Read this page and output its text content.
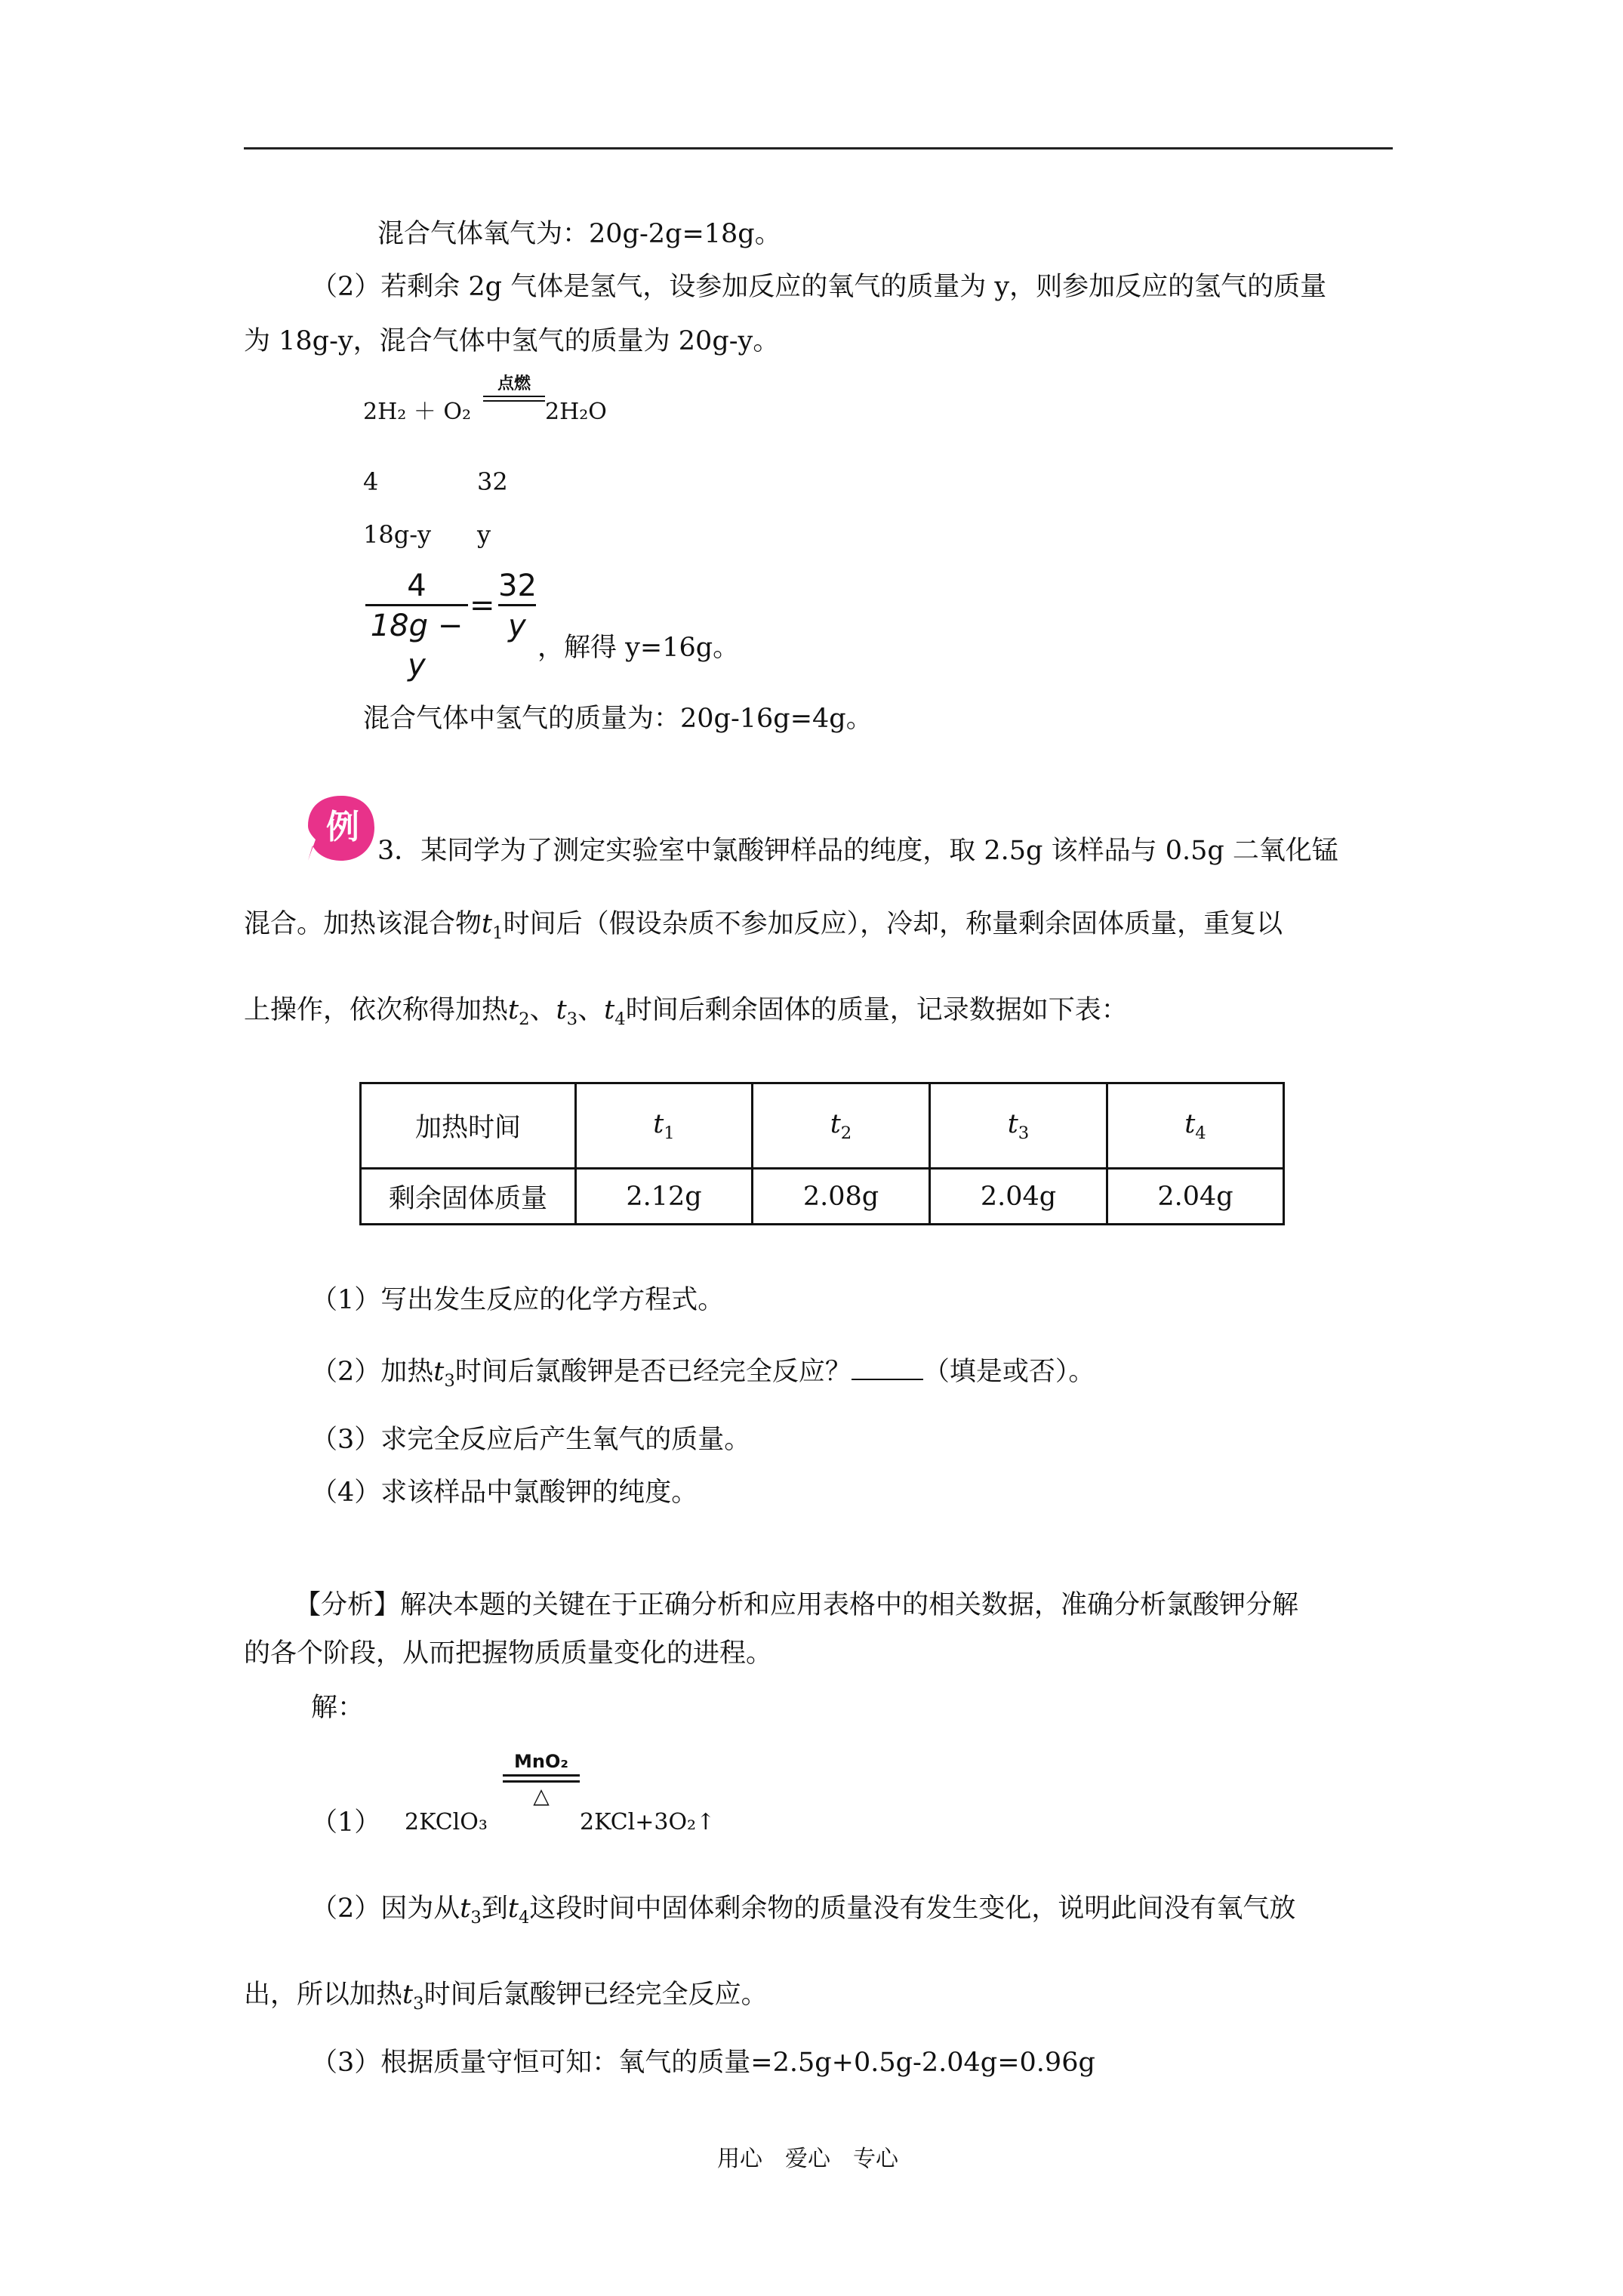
混合气体氧气为：20g-2g=18g。
（2）若剩余 2g 气体是氢气，设参加反应的氧气的质量为 y，则参加反应的氢气的质量
为 18g-y，混合气体中氢气的质量为 20g-y。
2H₂ ＋ O₂
点燃
2H₂O
4	32
18g-y y
4
18g − y
=
32
y
，解得 y=16g。
混合气体中氢气的质量为：20g-16g=4g。
例
3．某同学为了测定实验室中氯酸钾样品的纯度，取 2.5g 该样品与 0.5g 二氧化锰
混合。加热该混合物$t_1$时间后（假设杂质不参加反应），冷却，称量剩余固体质量，重复以
上操作，依次称得加热$t_2$、$t_3$、$t_4$时间后剩余固体的质量，记录数据如下表：
加热时间	$t_1$	$t_2$	$t_3$	$t_4$
剩余固体质量	2.12g	2.08g	2.04g	2.04g
（1）写出发生反应的化学方程式。
（2）加热$t_3$时间后氯酸钾是否已经完全反应？	（填是或否）。
（3）求完全反应后产生氧气的质量。
（4）求该样品中氯酸钾的纯度。
【分析】解决本题的关键在于正确分析和应用表格中的相关数据，准确分析氯酸钾分解
的各个阶段，从而把握物质质量变化的进程。
解：
（1） 2KClO₃
MnO₂
△
2KCl+3O₂↑
（2）因为从$t_3$到$t_4$这段时间中固体剩余物的质量没有发生变化，说明此间没有氧气放
出，所以加热$t_3$时间后氯酸钾已经完全反应。
（3）根据质量守恒可知：氧气的质量=2.5g+0.5g-2.04g=0.96g
用心　爱心　专心
